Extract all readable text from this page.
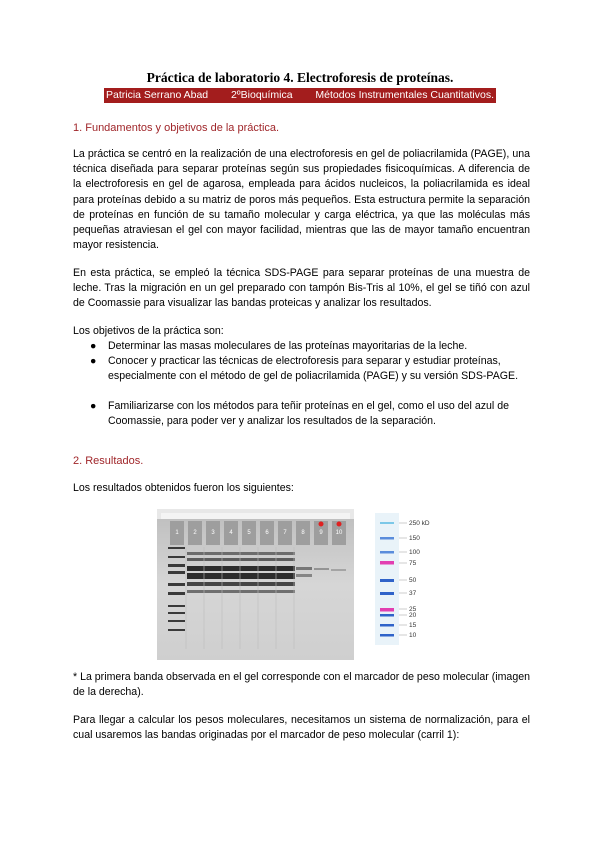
Práctica de laboratorio 4. Electroforesis de proteínas.
Patricia Serrano Abad 2ºBioquímica Métodos Instrumentales Cuantitativos.
1. Fundamentos y objetivos de la práctica.

La práctica se centró en la realización de una electroforesis en gel de poliacrilamida (PAGE), una técnica diseñada para separar proteínas según sus propiedades fisicoquímicas. A diferencia de la electroforesis en gel de agarosa, empleada para ácidos nucleicos, la poliacrilamida es ideal para proteínas debido a su matriz de poros más pequeños. Esta estructura permite la separación de proteínas en función de su tamaño molecular y carga eléctrica, ya que las moléculas más pequeñas atraviesan el gel con mayor facilidad, mientras que las de mayor tamaño encuentran mayor resistencia.

En esta práctica, se empleó la técnica SDS-PAGE para separar proteínas de una muestra de leche. Tras la migración en un gel preparado con tampón Bis-Tris al 10%, el gel se tiñó con azul de Coomassie para visualizar las bandas proteicas y analizar los resultados.

Los objetivos de la práctica son:

● Determinar las masas moleculares de las proteínas mayoritarias de la leche.
● Conocer y practicar las técnicas de electroforesis para separar y estudiar proteínas, especialmente con el método de gel de poliacrilamida (PAGE) y su versión SDS-PAGE.
● Familiarizarse con los métodos para teñir proteínas en el gel, como el uso del azul de Coomassie, para poder ver y analizar los resultados de la separación.
2. Resultados.

Los resultados obtenidos fueron los siguientes:

1 2 3 4 5 6 7 8 9 10
250 kD
150
100
75
50
37
25
20
15
10

* La primera banda observada en el gel corresponde con el marcador de peso molecular (imagen de la derecha).

Para llegar a calcular los pesos moleculares, necesitamos un sistema de normalización, para el cual usaremos las bandas originadas por el marcador de peso molecular (carril 1):
